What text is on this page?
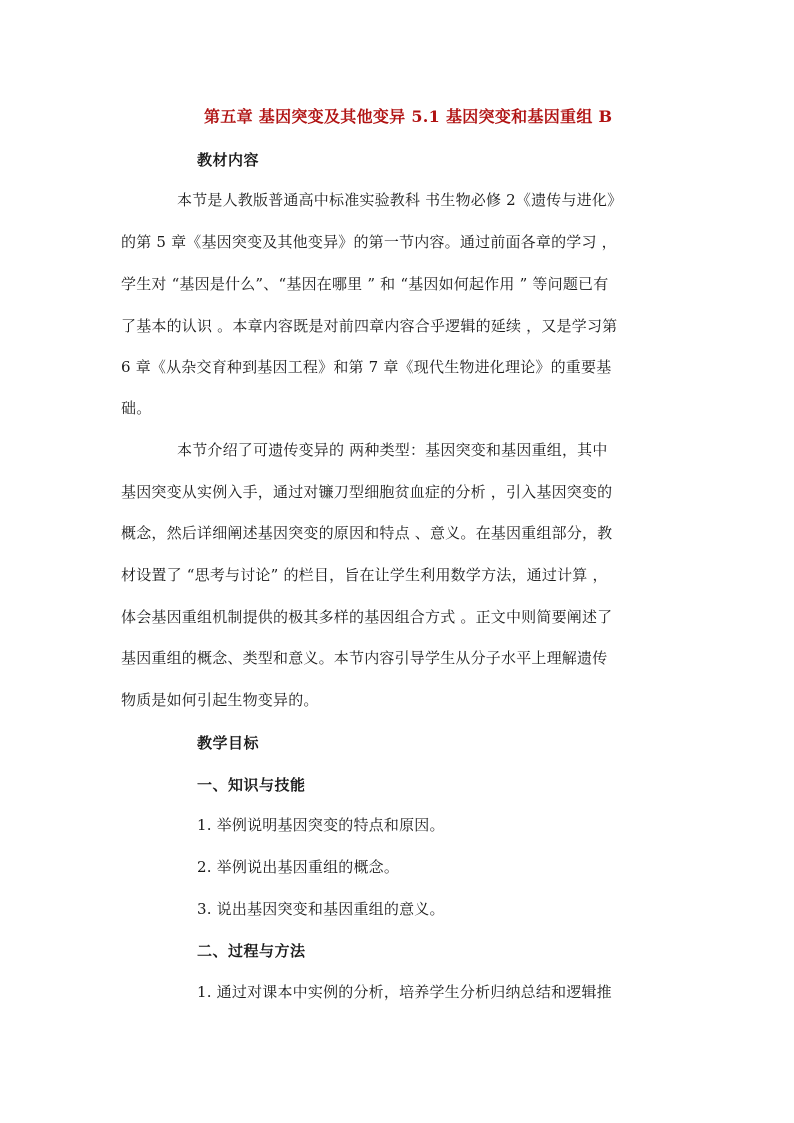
第五章 基因突变及其他变异 5.1 基因突变和基因重组 B
教材内容
本节是人教版普通高中标准实验教科 书生物必修 2《遗传与进化》
的第 5 章《基因突变及其他变异》的第一节内容。通过前面各章的学习 ，
学生对 “基因是什么”、“基因在哪里 ” 和 “基因如何起作用 ” 等问题已有
了基本的认识 。本章内容既是对前四章内容合乎逻辑的延续 ，又是学习第
6 章《从杂交育种到基因工程》和第 7 章《现代生物进化理论》的重要基
础。
本节介绍了可遗传变异的 两种类型：基因突变和基因重组，其中
基因突变从实例入手，通过对镰刀型细胞贫血症的分析 ，引入基因突变的
概念，然后详细阐述基因突变的原因和特点 、意义。在基因重组部分，教
材设置了 “思考与讨论” 的栏目，旨在让学生利用数学方法，通过计算 ，
体会基因重组机制提供的极其多样的基因组合方式 。正文中则简要阐述了
基因重组的概念、类型和意义。本节内容引导学生从分子水平上理解遗传
物质是如何引起生物变异的。
教学目标
一、知识与技能
1. 举例说明基因突变的特点和原因。
2. 举例说出基因重组的概念。
3. 说出基因突变和基因重组的意义。
二、过程与方法
1. 通过对课本中实例的分析，培养学生分析归纳总结和逻辑推
